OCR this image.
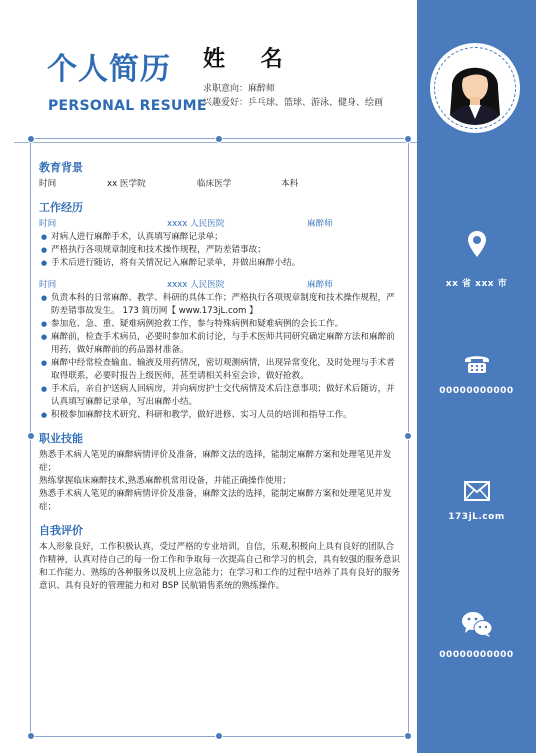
个人简历
PERSONAL RESUME
姓 名
求职意向：麻醉师
兴趣爱好：乒乓球、篮球、游泳、健身、绘画
教育背景
时间	xx 医学院	临床医学	本科
工作经历
时间	xxxx 人民医院	麻醉师
● 对病人进行麻醉手术，认真填写麻醉记录单；
● 严格执行各项规章制度和技术操作规程，严防差错事故；
● 手术后进行随访，将有关情况记入麻醉记录单，并做出麻醉小结。
时间	xxxx 人民医院	麻醉师
● 负责本科的日常麻醉、教学、科研的具体工作；严格执行各项规章制度和技术操作规程，严防差错事故发生。 173 简历网【 www.173jL.com 】
● 参加危、急、重、疑难病例抢救工作，参与特殊病例和疑难病例的会长工作。
● 麻醉前，检查手术病员，必要时参加术前讨论，与手术医师共同研究确定麻醉方法和麻醉前用药，做好麻醉前的药品器材准备。
● 麻醉中经常检查输血、输液及用药情况，密切观测病情，出现异常变化，及时处理与手术者取得联系，必要时报告上级医师，甚至请相关科室会诊，做好抢救。
● 手术后，亲自护送病人回病房，并向病房护士交代病情及术后注意事项；做好术后随访，并认真填写麻醉记录单，写出麻醉小结。
● 积极参加麻醉技术研究、科研和教学，做好进修、实习人员的培训和指导工作。
职业技能
熟悉手术病人笔见的麻醉病情评价及准备，麻醉文法的选择，能制定麻醉方案和处理笔见并发症；
熟练掌握临床麻醉技术,熟悉麻醉机常用设备，并能正确操作使用；
熟悉手术病人笔见的麻醉病情评价及准备，麻醉文法的选择，能制定麻醉方案和处理笔见并发症；
自我评价
本人形象良好，工作积极认真，受过严格的专业培训，自信，乐观,积极向上具有良好的团队合作精神，认真对待自己的每一份工作和争取每一次提高自己和学习的机会，具有较强的服务意识和工作能力、熟练的各种服务以及机上应急能力；在学习和工作的过程中培养了具有良好的服务意识、具有良好的管理能力和对 BSP 民航销售系统的熟练操作。
xx 省 xxx 市
00000000000
173jL.com
00000000000
